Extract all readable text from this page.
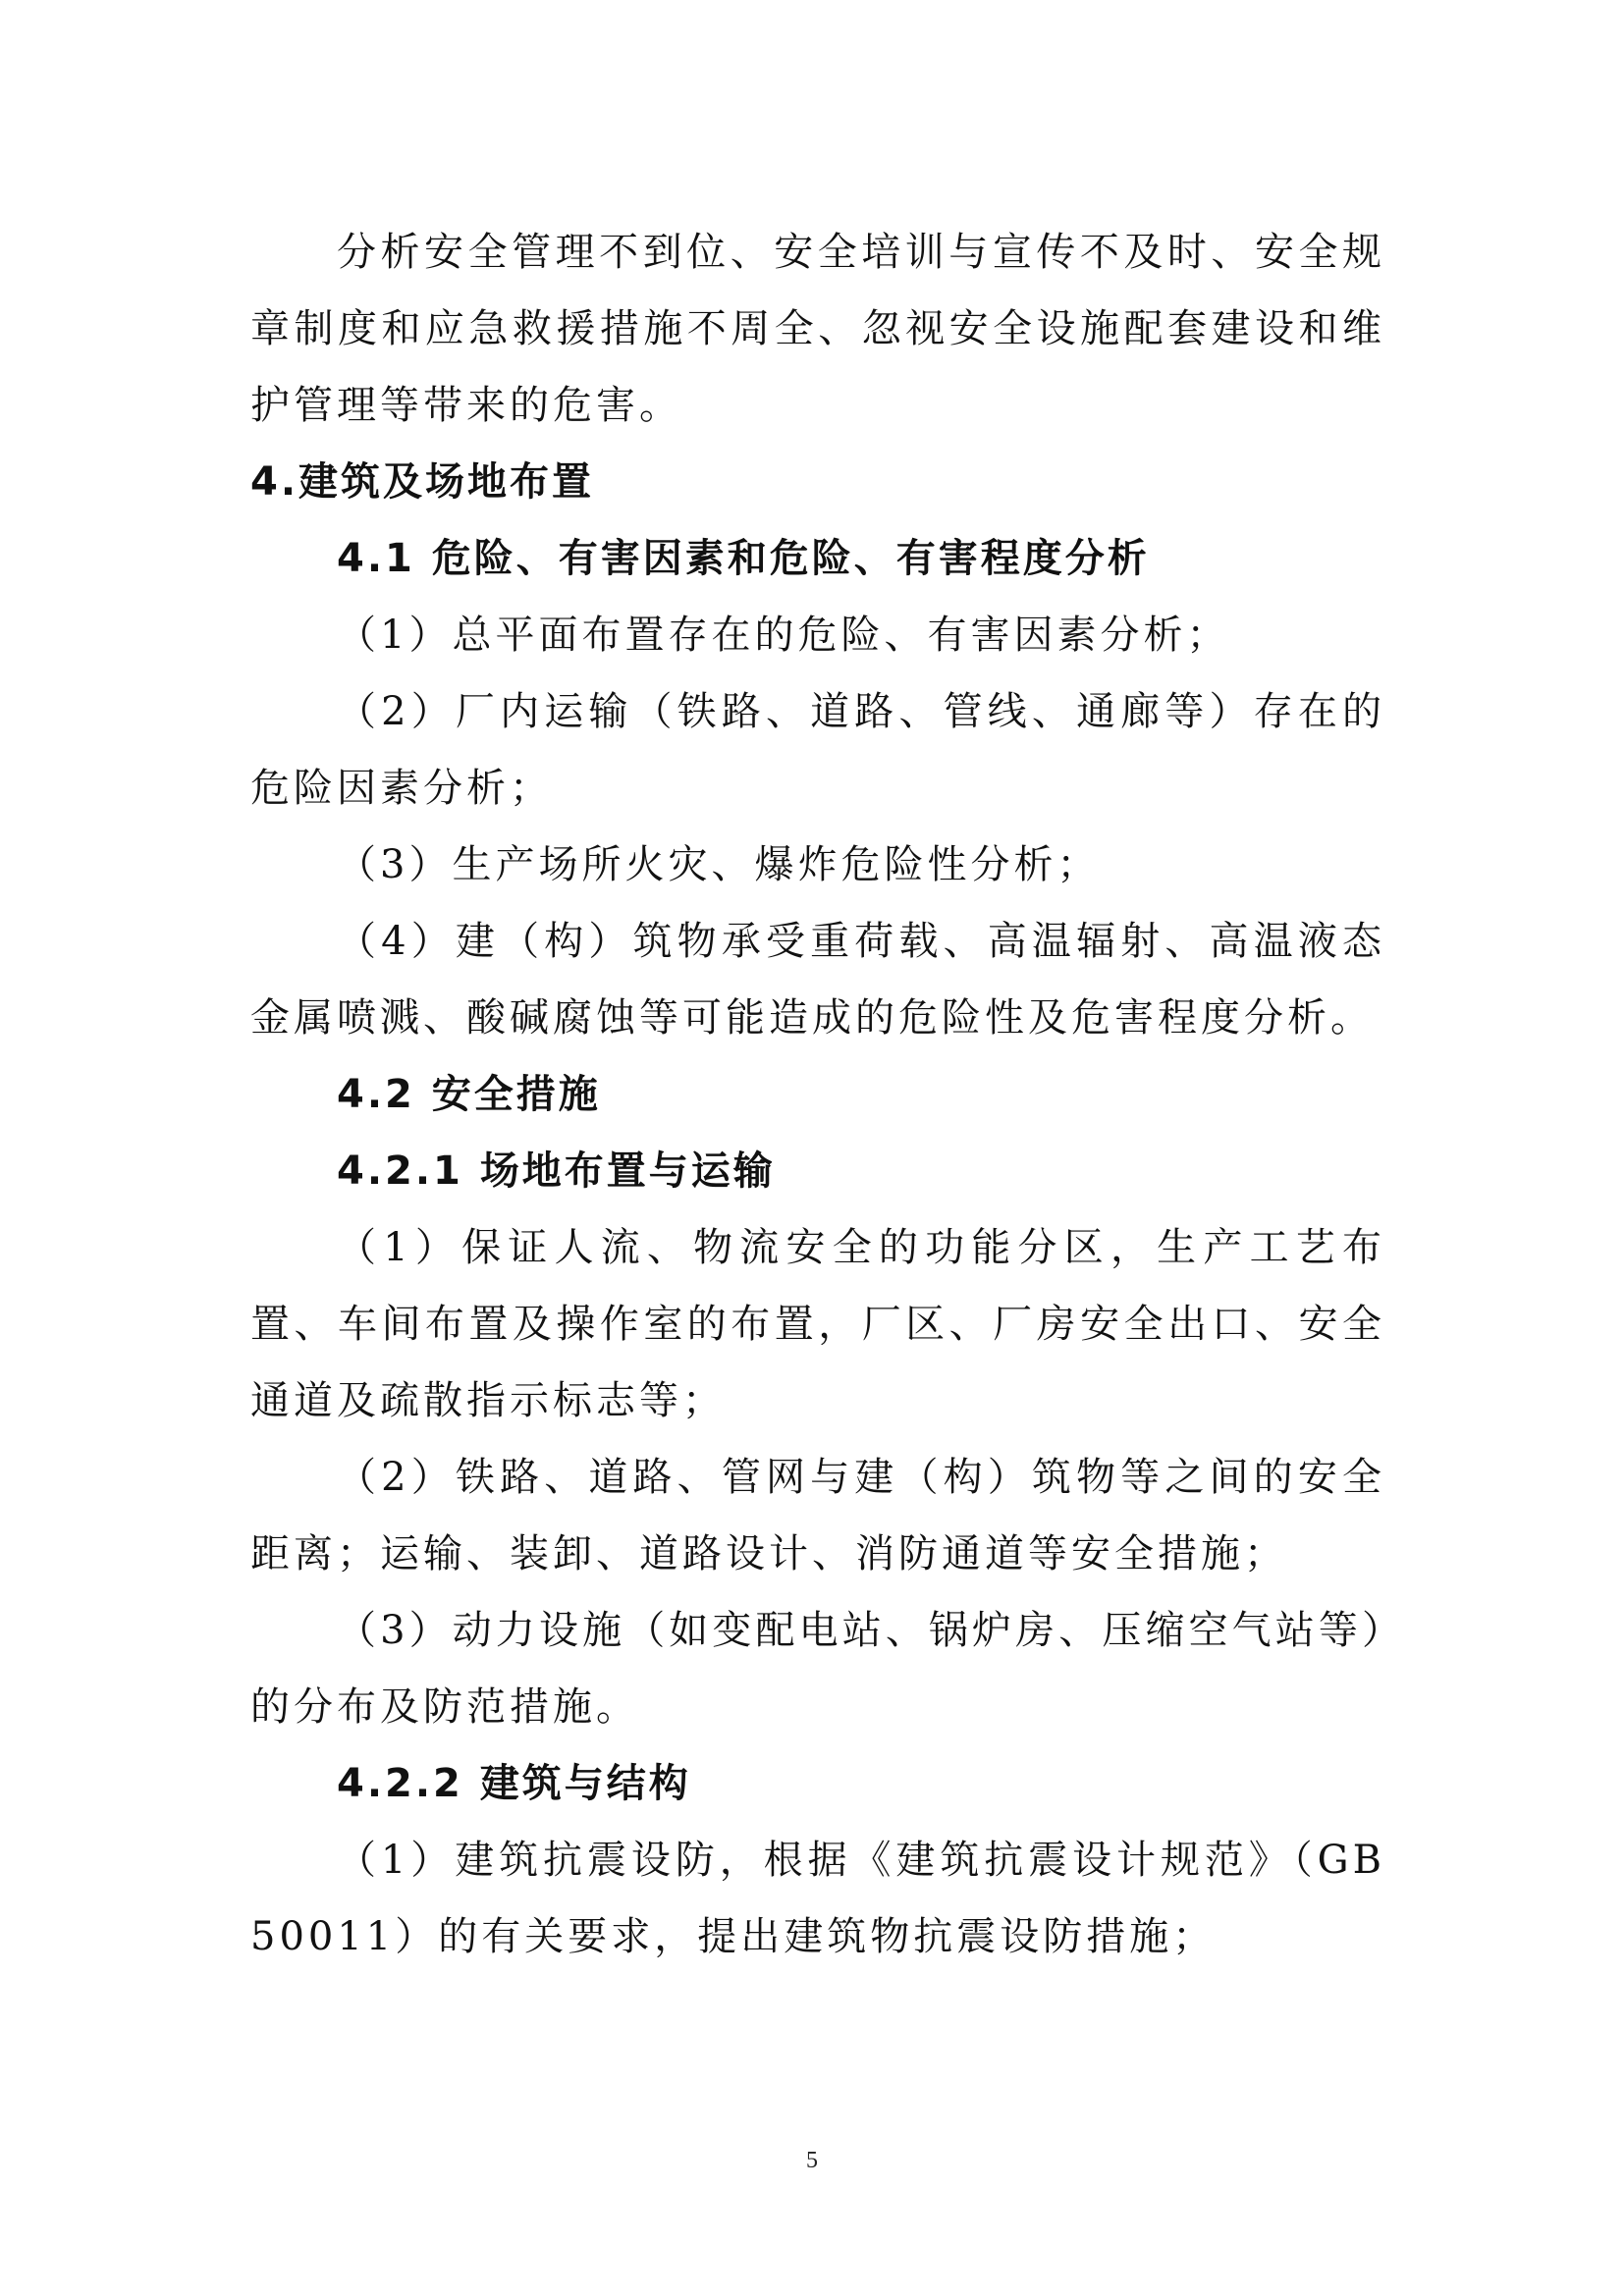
分析安全管理不到位、安全培训与宣传不及时、安全规章制度和应急救援措施不周全、忽视安全设施配套建设和维护管理等带来的危害。

4.建筑及场地布置
4.1 危险、有害因素和危险、有害程度分析

（1）总平面布置存在的危险、有害因素分析；

（2）厂内运输（铁路、道路、管线、通廊等）存在的危险因素分析；

（3）生产场所火灾、爆炸危险性分析；

（4）建（构）筑物承受重荷载、高温辐射、高温液态金属喷溅、酸碱腐蚀等可能造成的危险性及危害程度分析。

4.2 安全措施
4.2.1 场地布置与运输

（1）保证人流、物流安全的功能分区，生产工艺布置、车间布置及操作室的布置，厂区、厂房安全出口、安全通道及疏散指示标志等；

（2）铁路、道路、管网与建（构）筑物等之间的安全距离；运输、装卸、道路设计、消防通道等安全措施；

（3）动力设施（如变配电站、锅炉房、压缩空气站等）的分布及防范措施。

4.2.2 建筑与结构

（1）建筑抗震设防，根据《建筑抗震设计规范》（GB50011）的有关要求，提出建筑物抗震设防措施；

5
